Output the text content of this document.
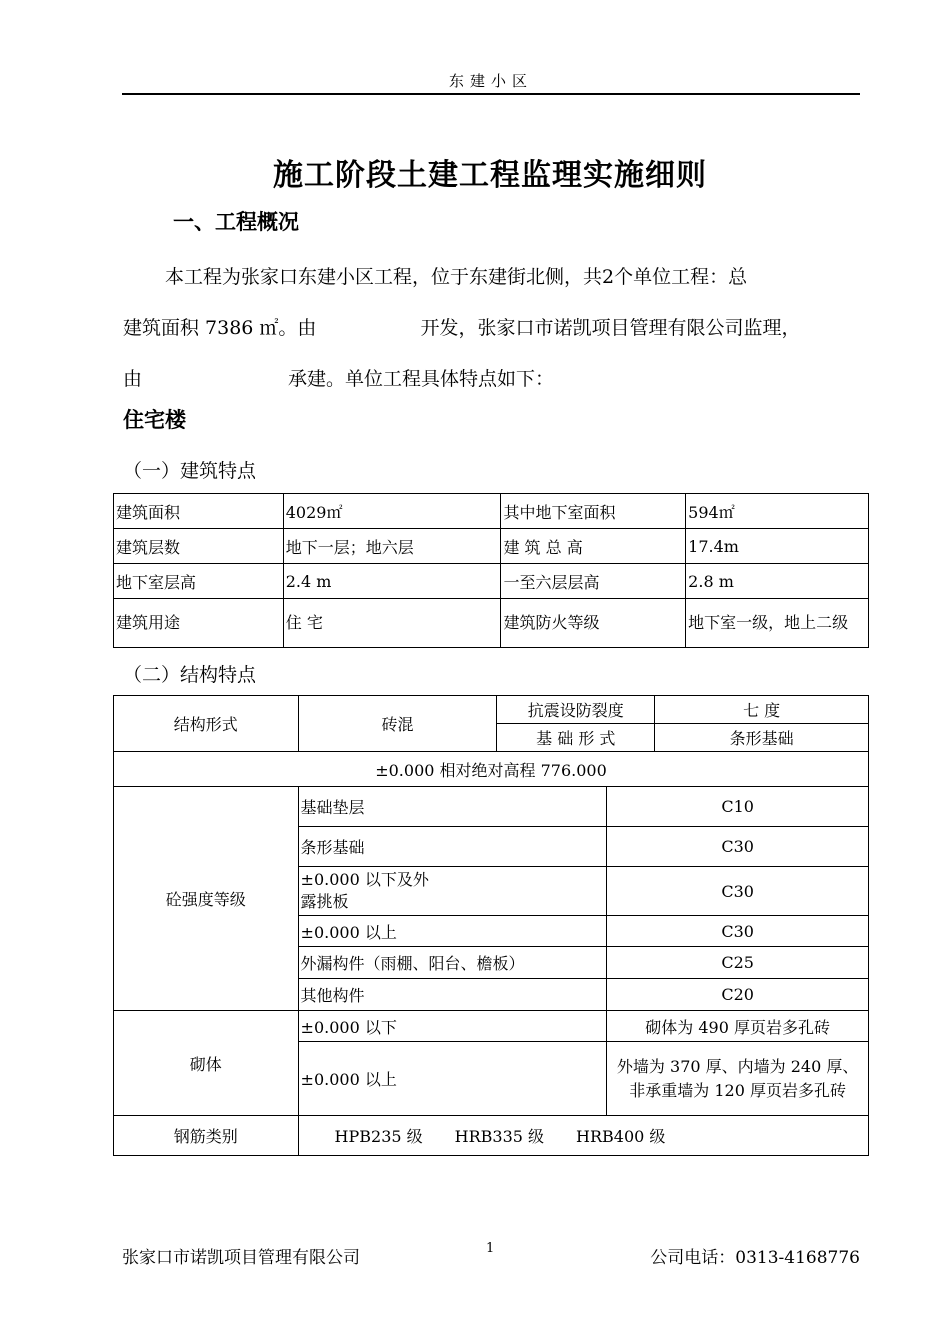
东建小区
施工阶段土建工程监理实施细则
一、工程概况
本工程为张家口东建小区工程，位于东建街北侧，共2个单位工程：总
建筑面积 7386 ㎡。由	开发，张家口市诺凯项目管理有限公司监理，
由	承建。单位工程具体特点如下：
住宅楼
（一）建筑特点
建筑面积	4029㎡	其中地下室面积	594㎡
建筑层数	地下一层；地六层	建 筑 总 高	17.4m
地下室层高	2.4 m	一至六层层高	2.8 m
建筑用途	住 宅	建筑防火等级	地下室一级，地上二级
（二）结构特点
结构形式	砖混	抗震设防裂度		七 度
		基 础 形 式		条形基础
±0.000 相对绝对高程 776.000				
砼强度等级	基础垫层		C10	
	条形基础		C30	

	±0.000 以下及外露挑板		C30	
	±0.000 以上		C30	
	外漏构件（雨棚、阳台、檐板）		C25	
	其他构件		C20	
砌体	±0.000 以下		砌体为 490 厚页岩多孔砖	
	±0.000 以上		外墙为 370 厚、内墙为 240 厚、非承重墙为 120 厚页岩多孔砖	
钢筋类别	HPB235 级　　HRB335 级　　HRB400 级			
张家口市诺凯项目管理有限公司	1	公司电话：0313-4168776
